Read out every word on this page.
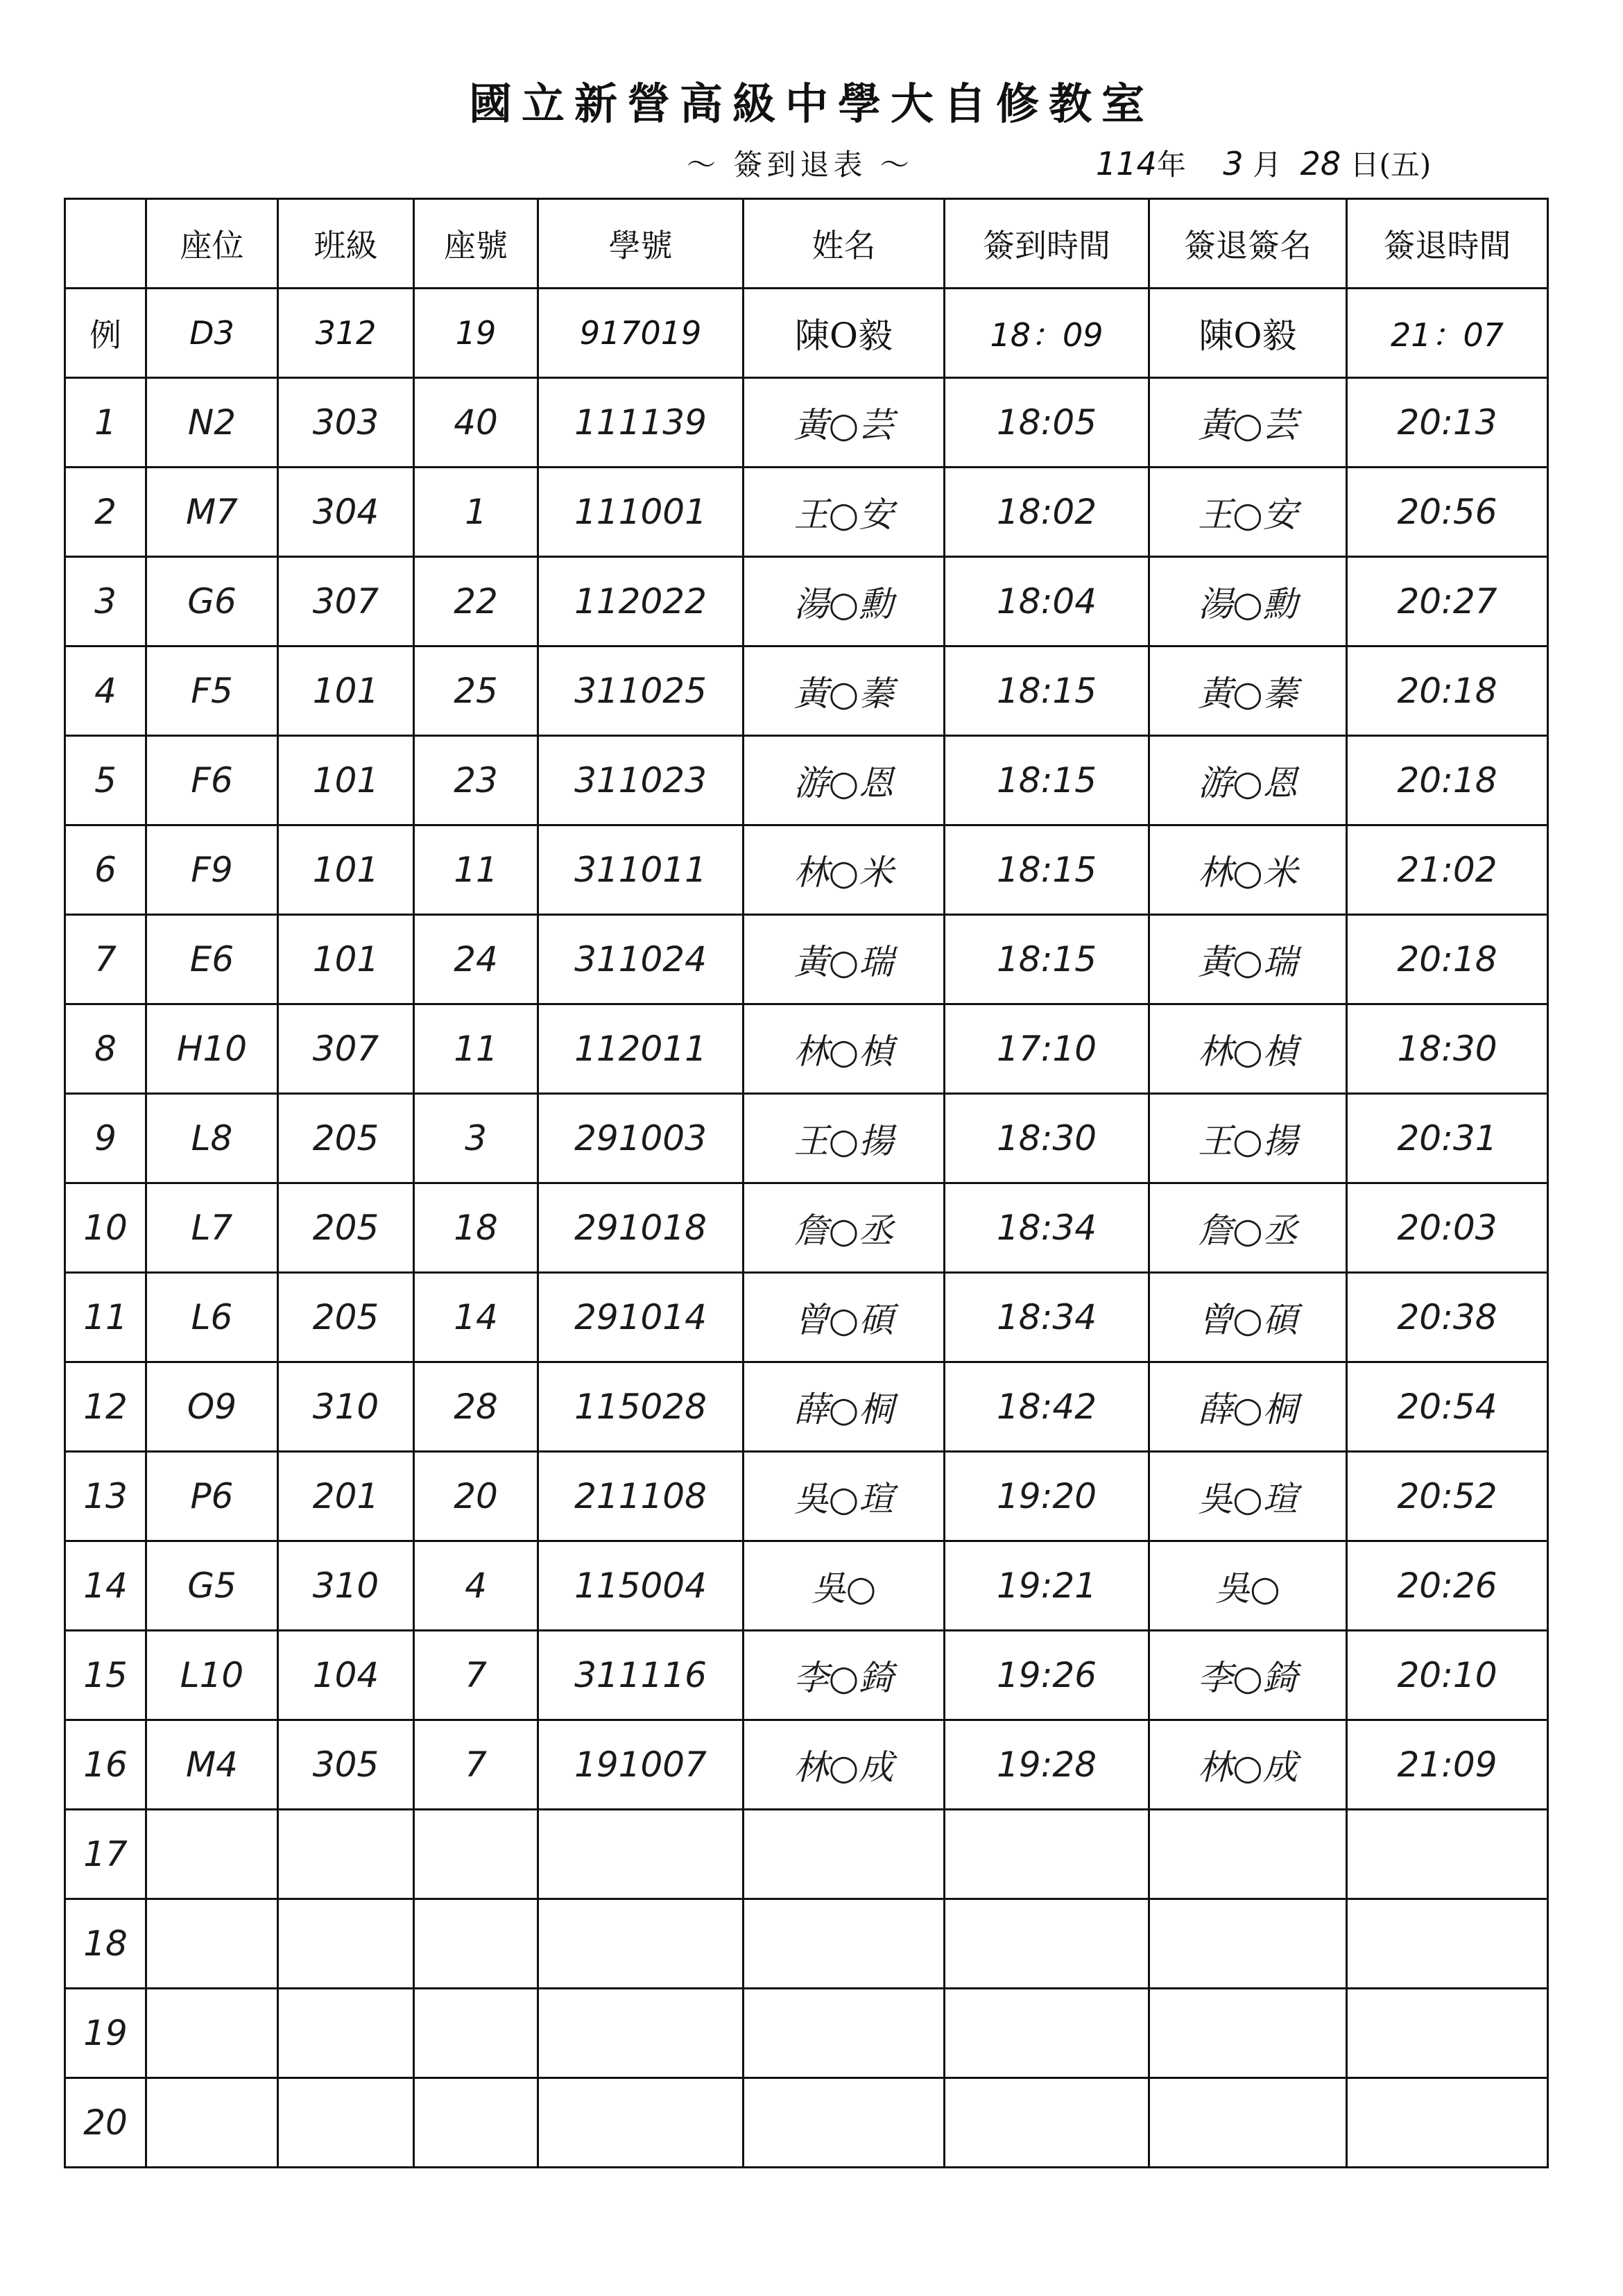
國立新營高級中學大自修教室
～ 簽到退表 ～	114年 3 月 28 日(五)
	座位	班級	座號	學號	姓名	簽到時間	簽退簽名	簽退時間
例	D3	312	19	917019	陳O毅	18：09	陳O毅	21：07
1	N2	303	40	111139	黃○芸	18:05	黃○芸	20:13
2	M7	304	1	111001	王○安	18:02	王○安	20:56
3	G6	307	22	112022	湯○勳	18:04	湯○勳	20:27
4	F5	101	25	311025	黃○蓁	18:15	黃○蓁	20:18
5	F6	101	23	311023	游○恩	18:15	游○恩	20:18
6	F9	101	11	311011	林○米	18:15	林○米	21:02
7	E6	101	24	311024	黃○瑞	18:15	黃○瑞	20:18
8	H10	307	11	112011	林○楨	17:10	林○楨	18:30
9	L8	205	3	291003	王○揚	18:30	王○揚	20:31
10	L7	205	18	291018	詹○丞	18:34	詹○丞	20:03
11	L6	205	14	291014	曾○碩	18:34	曾○碩	20:38
12	O9	310	28	115028	薛○桐	18:42	薛○桐	20:54
13	P6	201	20	211108	吳○瑄	19:20	吳○瑄	20:52
14	G5	310	4	115004	吳○	19:21	吳○	20:26
15	L10	104	7	311116	李○錡	19:26	李○錡	20:10
16	M4	305	7	191007	林○成	19:28	林○成	21:09
17								
18								
19								
20								
